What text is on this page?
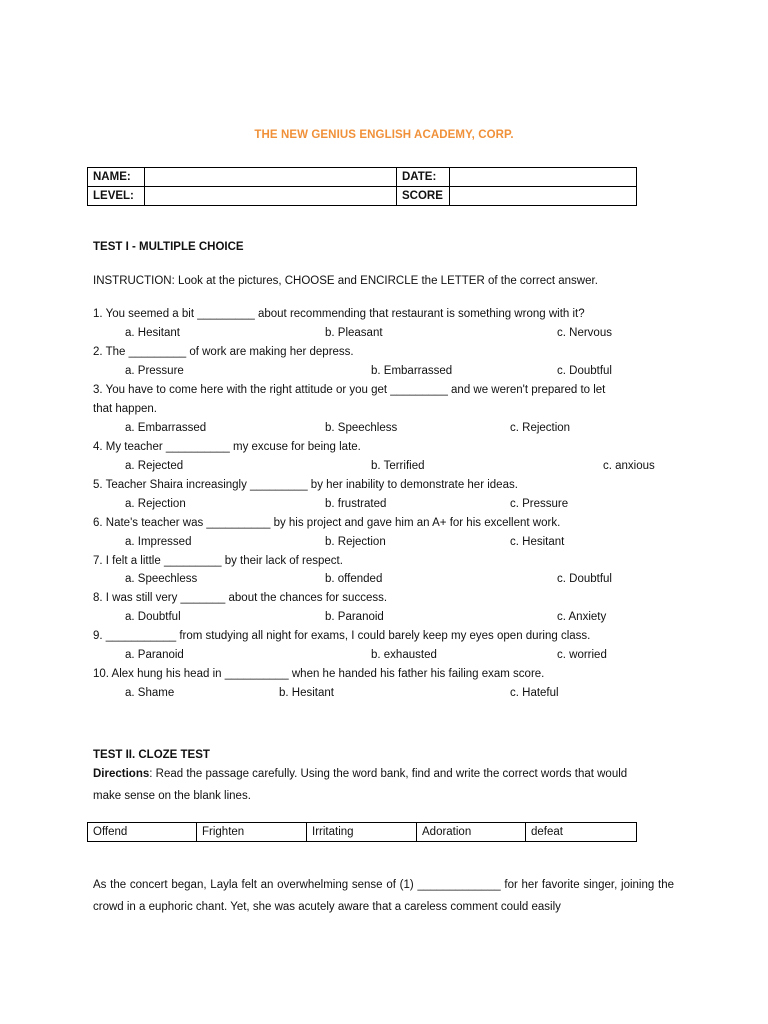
THE NEW GENIUS ENGLISH ACADEMY, CORP.
NAME:		DATE:	
LEVEL:		SCORE	
TEST I - MULTIPLE CHOICE
INSTRUCTION: Look at the pictures, CHOOSE and ENCIRCLE the LETTER of the correct answer.
1. You seemed a bit _________ about recommending that restaurant is something wrong with it?
a. Hesitant	b. Pleasant	c. Nervous
2. The _________ of work are making her depress.
a. Pressure	b. Embarrassed	c. Doubtful
3. You have to come here with the right attitude or you get _________ and we weren't prepared to let
that happen.
a. Embarrassed	b. Speechless	c. Rejection
4. My teacher __________ my excuse for being late.
a. Rejected	b. Terrified	c. anxious
5. Teacher Shaira increasingly _________ by her inability to demonstrate her ideas.
a. Rejection	b. frustrated	c. Pressure
6. Nate's teacher was __________ by his project and gave him an A+ for his excellent work.
a. Impressed	b. Rejection	c. Hesitant
7. I felt a little _________ by their lack of respect.
a. Speechless	b. offended	c. Doubtful
8. I was still very _______ about the chances for success.
a. Doubtful	b. Paranoid	c. Anxiety
9. ___________ from studying all night for exams, I could barely keep my eyes open during class.
a. Paranoid	b. exhausted	c. worried
10. Alex hung his head in __________ when he handed his father his failing exam score.
a. Shame	b. Hesitant	c. Hateful
TEST II. CLOZE TEST
Directions: Read the passage carefully. Using the word bank, find and write the correct words that would
make sense on the blank lines.
Offend	Frighten	Irritating	Adoration	defeat
As the concert began, Layla felt an overwhelming sense of (1) _____________ for her favorite singer, joining the crowd in a euphoric chant. Yet, she was acutely aware that a careless comment could easily
